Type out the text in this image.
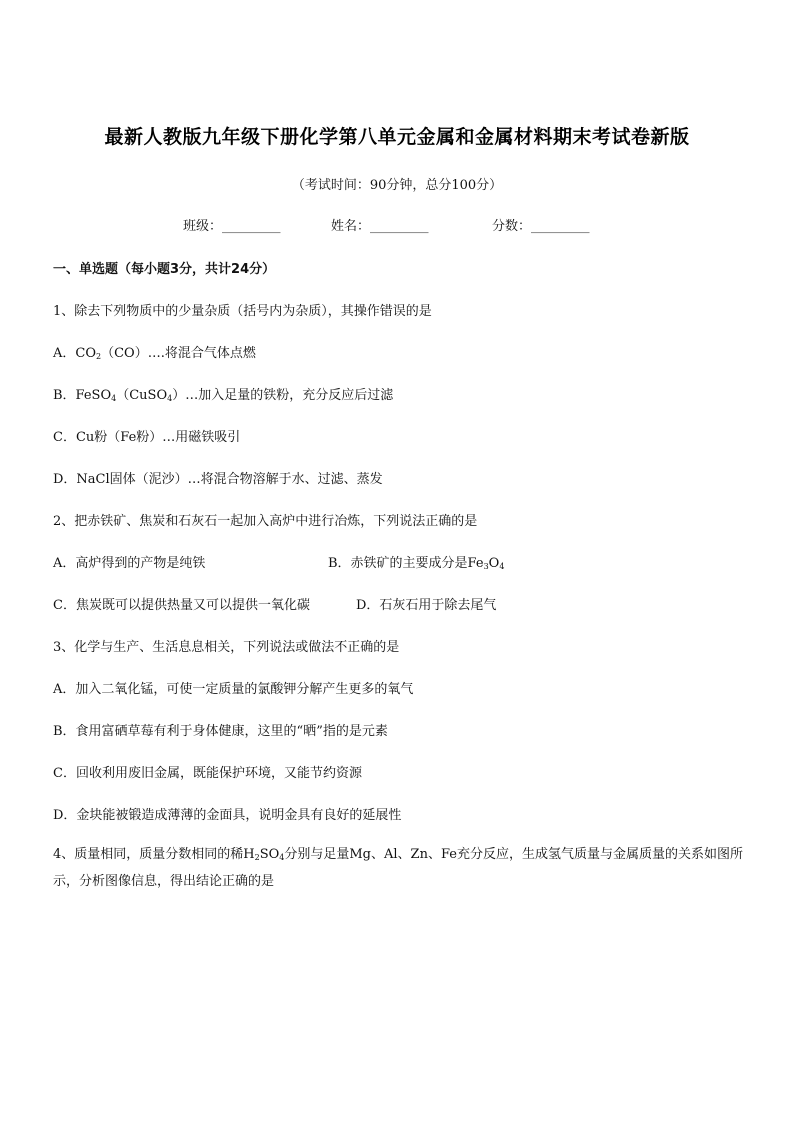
最新人教版九年级下册化学第八单元金属和金属材料期末考试卷新版
（考试时间：90分钟，总分100分）
班级：_________	姓名：_________	分数：_________
一、单选题（每小题3分，共计24分）
1、除去下列物质中的少量杂质（括号内为杂质），其操作错误的是
A．$CO_2(CO)\dots$.将混合气体点燃
B．FeSO$_4$（CuSO$_4$）…加入足量的铁粉，充分反应后过滤
C．Cu粉（Fe粉）…用磁铁吸引
D．NaCl固体（泥沙）…将混合物溶解于水、过滤、蒸发
2、把赤铁矿、焦炭和石灰石一起加入高炉中进行冶炼，下列说法正确的是
A．高炉得到的产物是纯铁	B．赤铁矿的主要成分是$Fe_3O_4$
C．焦炭既可以提供热量又可以提供一氧化碳	D．石灰石用于除去尾气
3、化学与生产、生活息息相关，下列说法或做法不正确的是
A．加入二氧化锰，可使一定质量的氯酸钾分解产生更多的氧气
B．食用富硒草莓有利于身体健康，这里的“晒”指的是元素
C．回收利用废旧金属，既能保护环境，又能节约资源
D．金块能被锻造成薄薄的金面具，说明金具有良好的延展性
4、质量相同，质量分数相同的稀$H_2SO_4$分别与足量Mg、Al、Zn、Fe充分反应，生成氢气质量与金属质量的关系如图所示，分析图像信息，得出结论正确的是
